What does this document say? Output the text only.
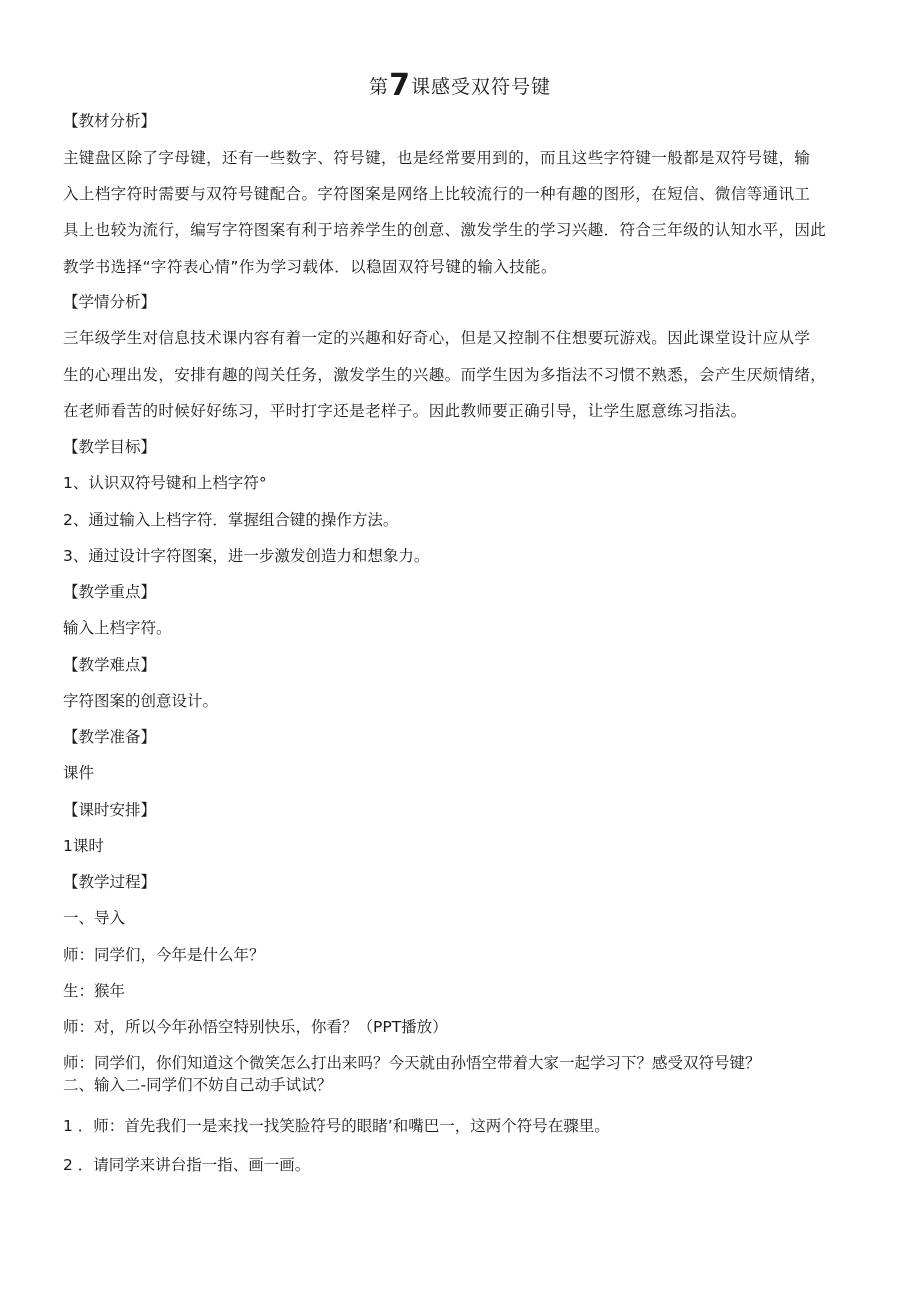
第7课感受双符号键
【教材分析】
主键盘区除了字母键，还有一些数字、符号键，也是经常要用到的，而且这些字符键一般都是双符号键，输
入上档字符时需要与双符号键配合。字符图案是网络上比较流行的一种有趣的图形，在短信、微信等通讯工
具上也较为流行，编写字符图案有利于培养学生的创意、激发学生的学习兴趣．符合三年级的认知水平，因此
教学书选择“字符表心情”作为学习载体．以稳固双符号键的输入技能。
【学情分析】
三年级学生对信息技术课内容有着一定的兴趣和好奇心，但是又控制不住想要玩游戏。因此课堂设计应从学
生的心理出发，安排有趣的闯关任务，激发学生的兴趣。而学生因为多指法不习惯不熟悉，会产生厌烦情绪，
在老师看苦的时候好好练习，平时打字还是老样子。因此教师要正确引导，让学生愿意练习指法。
【教学目标】
1、认识双符号键和上档字符°
2、通过输入上档字符．掌握组合键的操作方法。
3、通过设计字符图案，进一步激发创造力和想象力。
【教学重点】
输入上档字符。
【教学难点】
字符图案的创意设计。
【教学准备】
课件
【课时安排】
1课时
【教学过程】
一、导入
师：同学们，今年是什么年？
生：猴年
师：对，所以今年孙悟空特别快乐，你看？（PPT播放）
师：同学们，你们知道这个微笑怎么打出来吗？今天就由孙悟空带着大家一起学习下？感受双符号键？
二、输入二-同学们不妨自己动手试试？
1 ．师：首先我们一是来找一找笑脸符号的眼睹’和嘴巴一，这两个符号在骤里。
2 ．请同学来讲台指一指、画一画。
